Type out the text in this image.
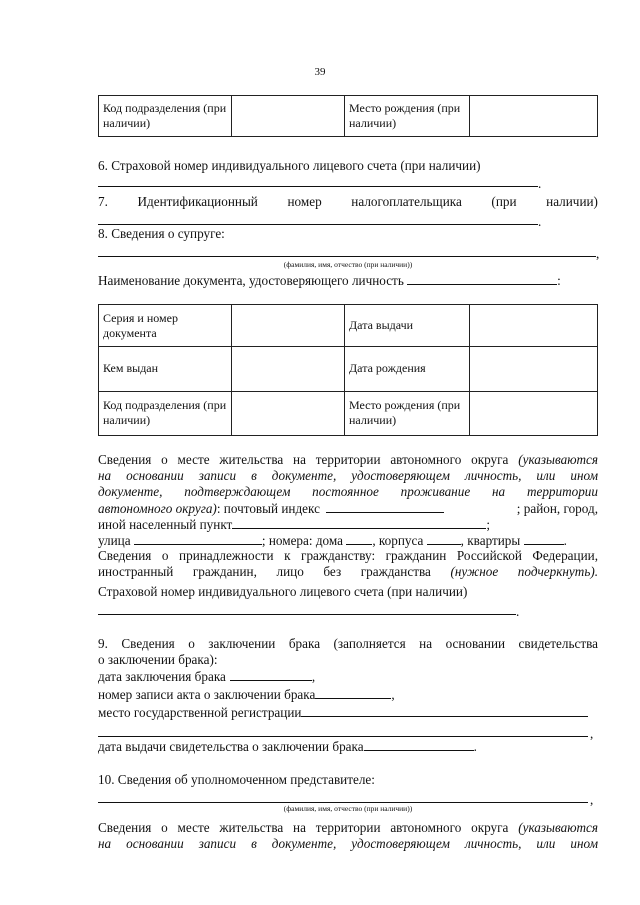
39
Код подразделения (при наличии)		Место рождения (при наличии)	
6. Страховой номер индивидуального лицевого счета (при наличии)
.
7. Идентификационный номер налогоплательщика (при наличии)
.
8. Сведения о супруге:
,
(фамилия, имя, отчество (при наличии))
Наименование документа, удостоверяющего личность	:
Серия и номер документа		Дата выдачи	
Кем выдан		Дата рождения	
Код подразделения (при наличии)		Место рождения (при наличии)	
Сведения о месте жительства на территории автономного округа (указываются
на основании записи в документе, удостоверяющем личность, или ином
документе, подтверждающем постоянное проживание на территории
автономного округа) : почтовый индекс	; район, город,
иной населенный пункт	;
улица	; номера: дома , корпуса	, квартиры	.
Сведения о принадлежности к гражданству: гражданин Российской Федерации,
иностранный гражданин, лицо без гражданства (нужное подчеркнуть).
Страховой номер индивидуального лицевого счета (при наличии)
.
9. Сведения о заключении брака (заполняется на основании свидетельства
о заключении брака):
дата заключения брака	,
номер записи акта о заключении брака	,
место государственной регистрации
,
дата выдачи свидетельства о заключении брака	.
10. Сведения об уполномоченном представителе:
,
(фамилия, имя, отчество (при наличии))
Сведения о месте жительства на территории автономного округа (указываются
на основании записи в документе, удостоверяющем личность, или ином
